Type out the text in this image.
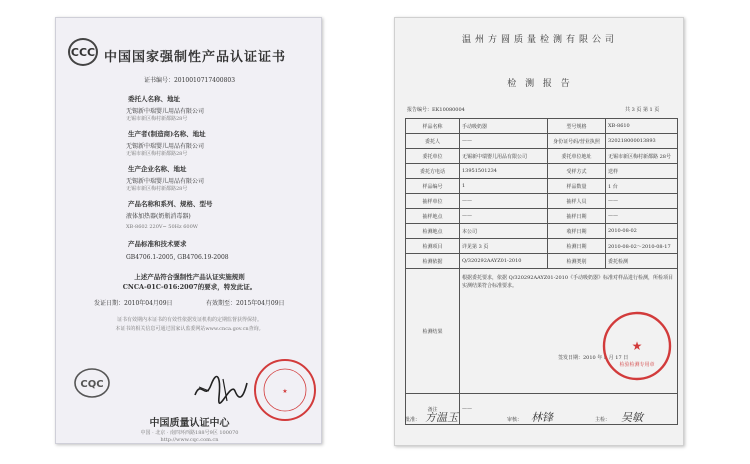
CCC 中国国家强制性产品认证证书
证书编号：2010010717400803
委托人名称、地址
无锡新中瑞婴儿用品有限公司
无锡市新区梅村新都路28号
生产者(制造商)名称、地址
无锡新中瑞婴儿用品有限公司
无锡市新区梅村新都路28号
生产企业名称、地址
无锡新中瑞婴儿用品有限公司
无锡市新区梅村新都路28号
产品名称和系列、规格、型号
液体加热器(奶瓶消毒器)
XB-8602 220V~ 50Hz 600W
产品标准和技术要求
GB4706.1-2005, GB4706.19-2008
上述产品符合强制性产品认证实施规则
CNCA-01C-016:2007的要求，特发此证。
发证日期：2010年04月09日	有效期至：2015年04月09日
证书有效期内本证书的有效性依据发证机构的定期监督获得保持。
本证书的相关信息可通过国家认监委网站www.cnca.gov.cn查询。
CQC
★
中国质量认证中心
中国 · 北京 · 南四环西路188号9区 100070
http://www.cqc.com.cn
温州方圆质量检测有限公司
检 测 报 告
报告编号：EK10080004	共 3 页 第 1 页
样品名称	手动吸奶器	型号规格	XB-8610
委托人	——	身份证号码/营业执照	320218000013893
委托单位	无锡新中瑞婴儿用品有限公司	委托单位地址	无锡市新区梅村新都路 28号
委托方电话	13951501234	受样方式	送样
样品编号	1	样品数量	1 台
抽样单位	——	抽样人员	——
抽样地点	——	抽样日期	——
检测地点	本公司	收样日期	2010-08-02
检测项目	详见第 3 页	检测日期	2010-08-02～2010-08-17
检测依据	Q/320292AAYZ01-2010	检测类别	委托检测
检测结果	根据委托要求，依据 Q/320292AAYZ01-2010《手动吸奶器》标准对样品进行检测，所检项目实测结果符合标准要求。
签发日期：2010 年 8 月 17 日		

备注	——		
★
检验检测专用章
批准： 方温玉	审核： 林锋	主检： 吴敏
